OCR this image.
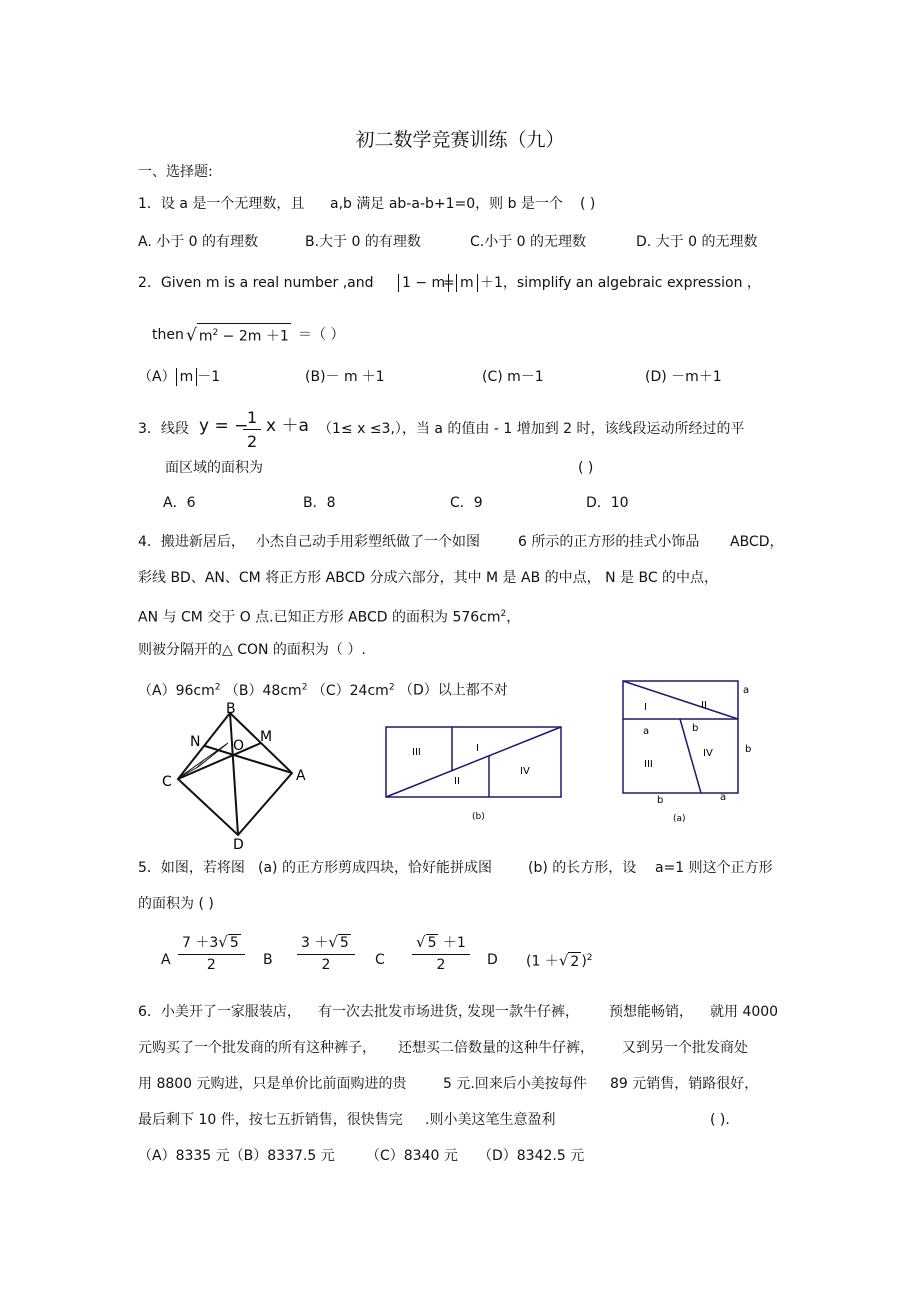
初二数学竞赛训练（九）
一、选择题:
1．设 a 是一个无理数，且 a,b 满足 ab-a-b+1=0，则 b 是一个 ( )
A. 小于 0 的有理数	B.大于 0 的有理数	C.小于 0 的无理数	D. 大于 0 的无理数
2．Given m is a real number ,and 1 − m
= m ＋1，simplify an algebraic expression ，
then √ $m^2 - 2m +1$ ＝（ ）
（A） m －1	(B)－ m ＋1	(C) m－1	(D) －m＋1
3．线段 y = −
1
2
x ＋a （1≤ x ≤3,），当 a 的值由 - 1 增加到 2 时，该线段运动所经过的平
面区域的面积为	( )
A．6	B．8	C．9	D．10
4．搬进新居后， 小杰自己动手用彩塑纸做了一个如图	6 所示的正方形的挂式小饰品 ABCD，
彩线 BD、AN、CM 将正方形 ABCD 分成六部分，其中 M 是 AB 的中点， N 是 BC 的中点，
AN 与 CM 交于 O 点.已知正方形 ABCD 的面积为 $576cm^2$，
则被分隔开的△ CON 的面积为（ ）.
$(A)96cm^2$ $(B)48cm^2$ $(C)24cm^2$ （D）以上都不对
B
N O
M
C	A
D
III	I
II
IV
(b)
II
I
a
a	b
IV
III
b
b	a
(a)
5．如图，若将图 (a) 的正方形剪成四块，恰好能拼成图	(b) 的长方形，设 a=1 则这个正方形
的面积为 ( )
A
7 ＋3√ 5
2	B
3 ＋√ 5
2	C
√ 5 ＋1
2	D (1 ＋√ 2 )$^2$
6．小美开了一家服装店， 有一次去批发市场进货，
发现一款牛仔裤， 预想能畅销， 就用 4000
元购买了一个批发商的所有这种裤子， 还想买二倍数量的这种牛仔裤， 又到另一个批发商处
用 8800 元购进，只是单价比前面购进的贵	5 元.回来后小美按每件 89 元销售，销路很好，
最后剩下 10 件，按七五折销售，很快售完 .则小美这笔生意盈利	( ).
（A）8335 元（B）8337.5 元 （C）8340 元 （D）8342.5 元
